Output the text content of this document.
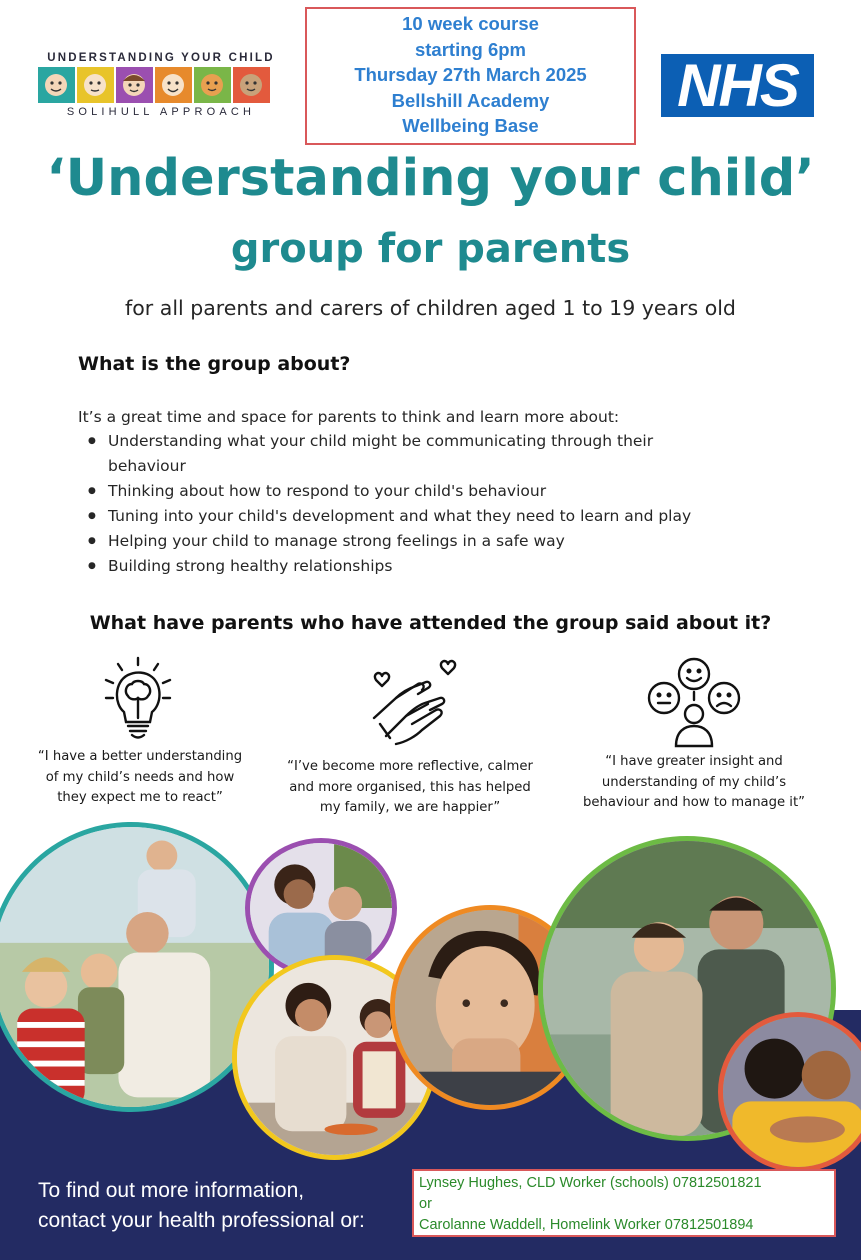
UNDERSTANDING YOUR CHILD
SOLIHULL APPROACH
10 week course
starting 6pm
Thursday 27th March 2025
Bellshill Academy
Wellbeing Base
NHS
‘Understanding your child’
group for parents
for all parents and carers of children aged 1 to 19 years old
What is the group about?
It’s a great time and space for parents to think and learn more about:
● Understanding what your child might be communicating through their behaviour
● Thinking about how to respond to your child's behaviour
● Tuning into your child's development and what they need to learn and play
● Helping your child to manage strong feelings in a safe way
● Building strong healthy relationships
What have parents who have attended the group said about it?
“I have a better understanding
of my child’s needs and how
they expect me to react”
“I’ve become more reflective, calmer
and more organised, this has helped
my family, we are happier”
“I have greater insight and
understanding of my child’s
behaviour and how to manage it”
To find out more information,
contact your health professional or:
Lynsey Hughes, CLD Worker (schools) 07812501821
or
Carolanne Waddell, Homelink Worker 07812501894
